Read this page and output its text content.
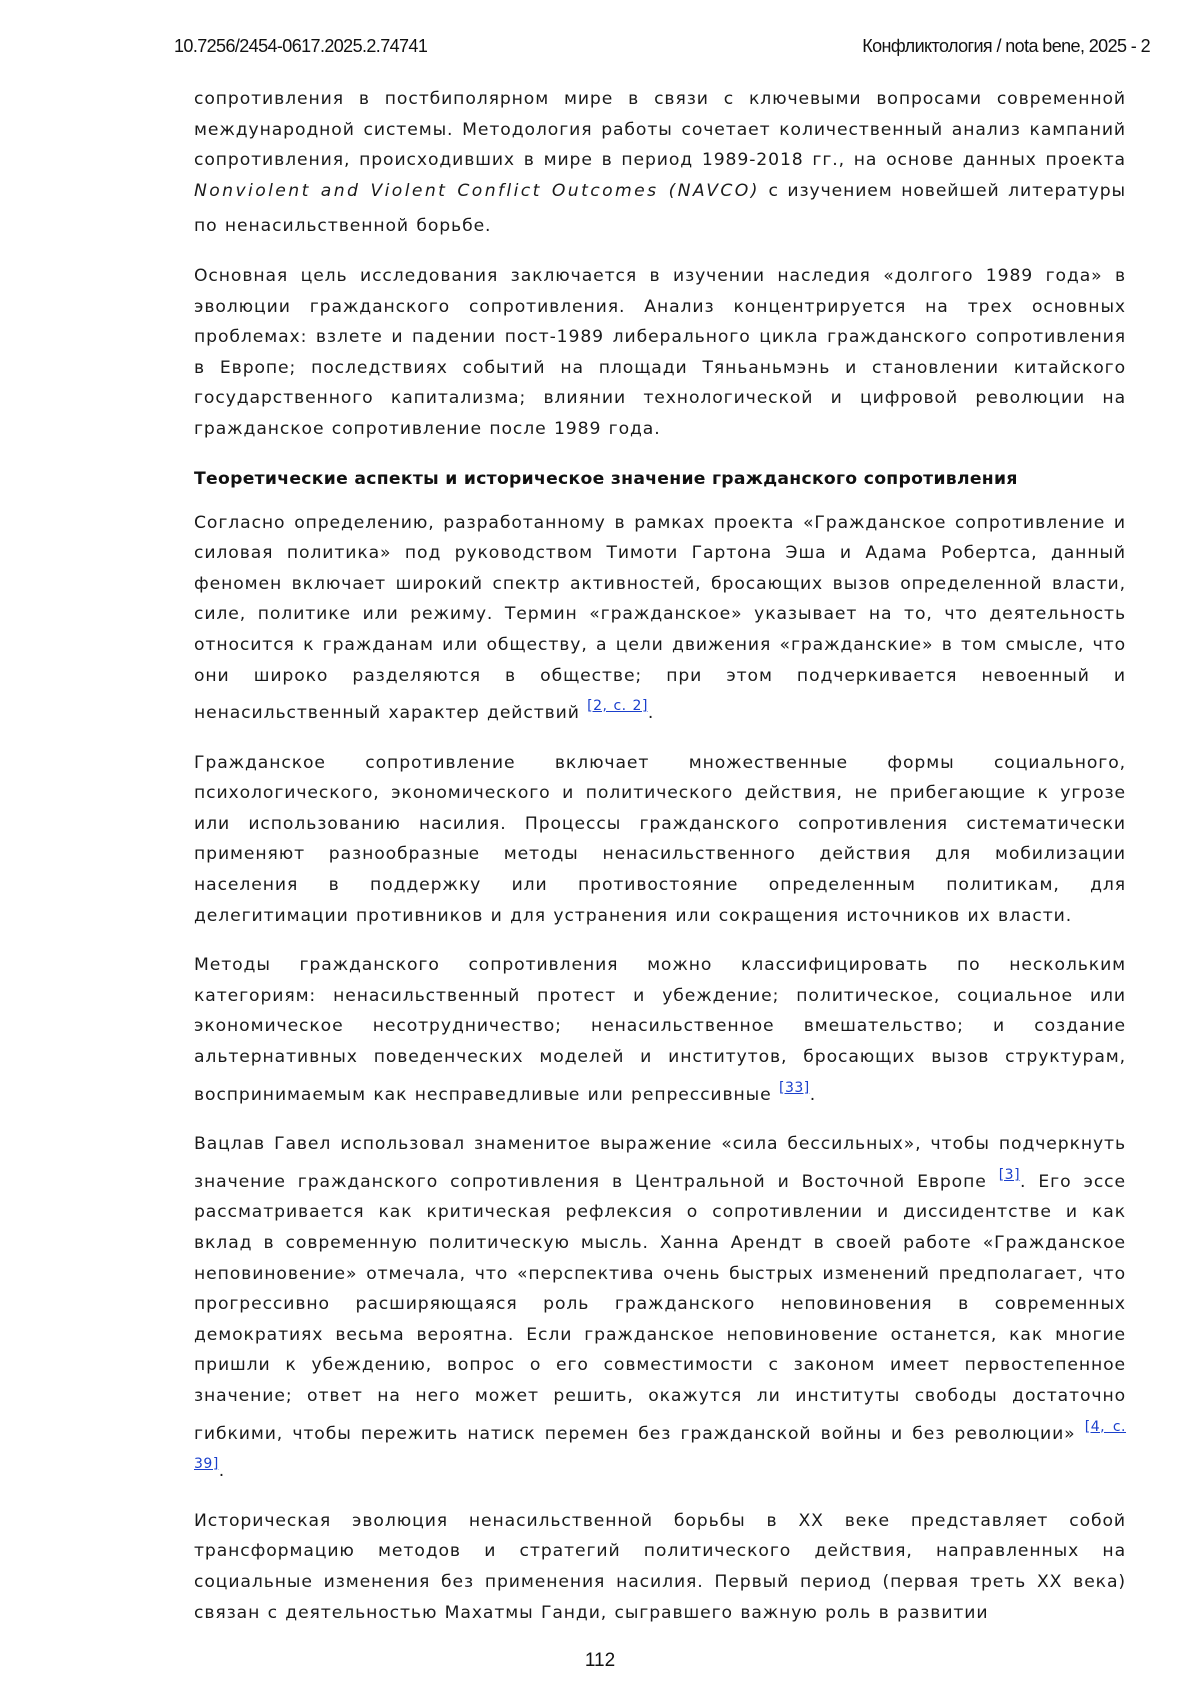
10.7256/2454-0617.2025.2.74741	Конфликтология / nota bene, 2025 - 2

сопротивления в постбиполярном мире в связи с ключевыми вопросами современной международной системы. Методология работы сочетает количественный анализ кампаний сопротивления, происходивших в мире в период 1989-2018 гг., на основе данных проекта Nonviolent and Violent Conflict Outcomes (NAVCO) с изучением новейшей литературы по ненасильственной борьбе.

Основная цель исследования заключается в изучении наследия «долгого 1989 года» в эволюции гражданского сопротивления. Анализ концентрируется на трех основных проблемах: взлете и падении пост-1989 либерального цикла гражданского сопротивления в Европе; последствиях событий на площади Тяньаньмэнь и становлении китайского государственного капитализма; влиянии технологической и цифровой революции на гражданское сопротивление после 1989 года.

Теоретические аспекты и историческое значение гражданского сопротивления

Согласно определению, разработанному в рамках проекта «Гражданское сопротивление и силовая политика» под руководством Тимоти Гартона Эша и Адама Робертса, данный феномен включает широкий спектр активностей, бросающих вызов определенной власти, силе, политике или режиму. Термин «гражданское» указывает на то, что деятельность относится к гражданам или обществу, а цели движения «гражданские» в том смысле, что они широко разделяются в обществе; при этом подчеркивается невоенный и ненасильственный характер действий [2, с. 2].

Гражданское сопротивление включает множественные формы социального, психологического, экономического и политического действия, не прибегающие к угрозе или использованию насилия. Процессы гражданского сопротивления систематически применяют разнообразные методы ненасильственного действия для мобилизации населения в поддержку или противостояние определенным политикам, для делегитимации противников и для устранения или сокращения источников их власти.

Методы гражданского сопротивления можно классифицировать по нескольким категориям: ненасильственный протест и убеждение; политическое, социальное или экономическое несотрудничество; ненасильственное вмешательство; и создание альтернативных поведенческих моделей и институтов, бросающих вызов структурам, воспринимаемым как несправедливые или репрессивные [33].

Вацлав Гавел использовал знаменитое выражение «сила бессильных», чтобы подчеркнуть значение гражданского сопротивления в Центральной и Восточной Европе [3]. Его эссе рассматривается как критическая рефлексия о сопротивлении и диссидентстве и как вклад в современную политическую мысль. Ханна Арендт в своей работе «Гражданское неповиновение» отмечала, что «перспектива очень быстрых изменений предполагает, что прогрессивно расширяющаяся роль гражданского неповиновения в современных демократиях весьма вероятна. Если гражданское неповиновение останется, как многие пришли к убеждению, вопрос о его совместимости с законом имеет первостепенное значение; ответ на него может решить, окажутся ли институты свободы достаточно гибкими, чтобы пережить натиск перемен без гражданской войны и без революции» [4, с. 39].

Историческая эволюция ненасильственной борьбы в XX веке представляет собой трансформацию методов и стратегий политического действия, направленных на социальные изменения без применения насилия. Первый период (первая треть XX века) связан с деятельностью Махатмы Ганди, сыгравшего важную роль в развитии

112
